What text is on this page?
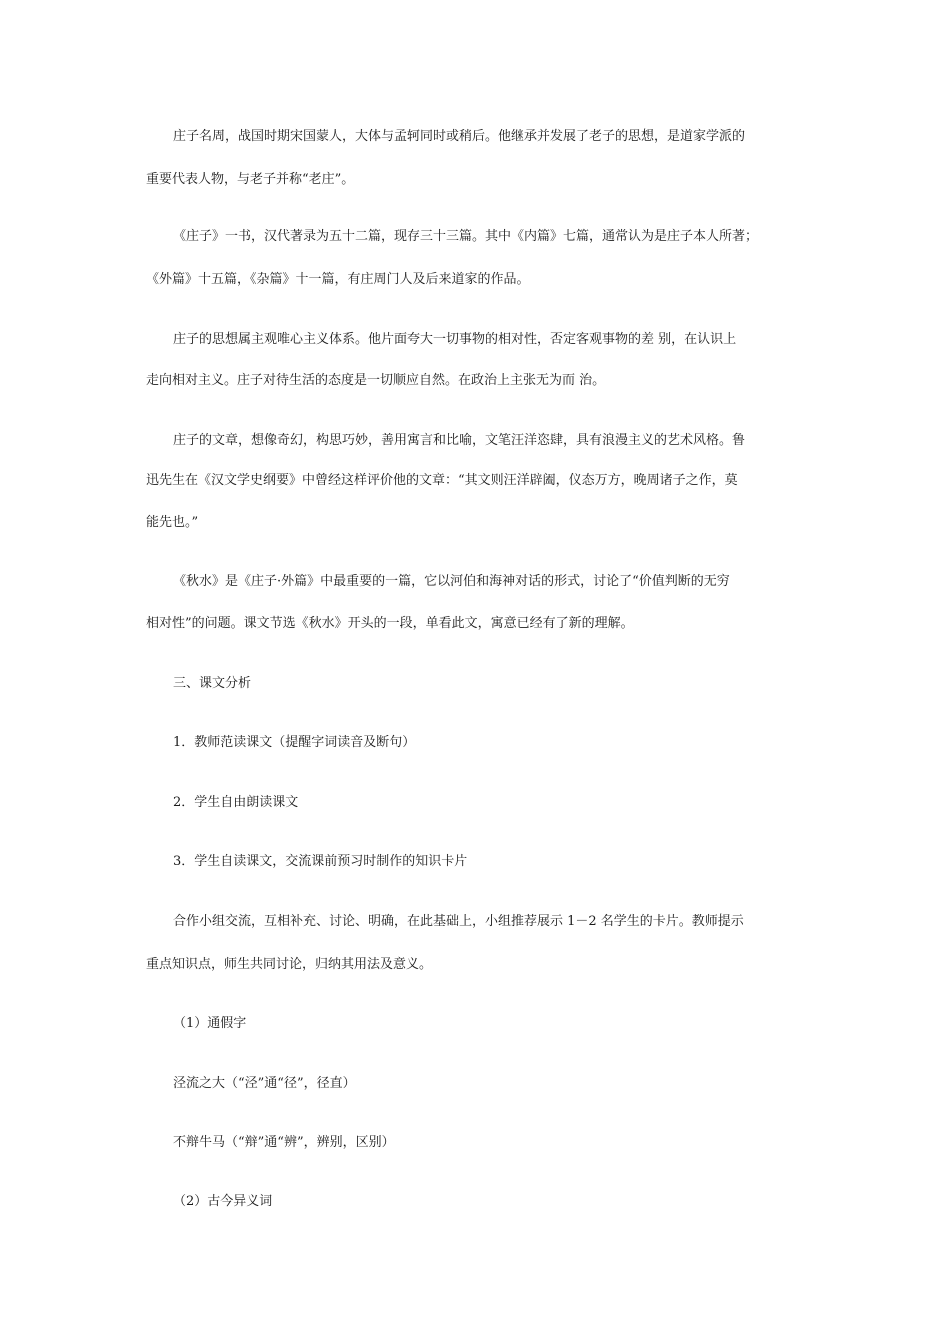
庄子名周，战国时期宋国蒙人，大体与孟轲同时或稍后。他继承并发展了老子的思想，是道家学派的
重要代表人物，与老子并称“老庄”。
《庄子》一书，汉代著录为五十二篇，现存三十三篇。其中《内篇》七篇，通常认为是庄子本人所著；
《外篇》十五篇，《杂篇》十一篇，有庄周门人及后来道家的作品。
庄子的思想属主观唯心主义体系。他片面夸大一切事物的相对性，否定客观事物的差 别，在认识上
走向相对主义。庄子对待生活的态度是一切顺应自然。在政治上主张无为而 治。
庄子的文章，想像奇幻，构思巧妙，善用寓言和比喻，文笔汪洋恣肆，具有浪漫主义的艺术风格。鲁
迅先生在《汉文学史纲要》中曾经这样评价他的文章：“其文则汪洋辟阖，仪态万方，晚周诸子之作，莫
能先也。”
《秋水》是《庄子·外篇》中最重要的一篇，它以河伯和海神对话的形式，讨论了“价值判断的无穷
相对性”的问题。课文节选《秋水》开头的一段，单看此文，寓意已经有了新的理解。
三、课文分析
1．教师范读课文（提醒字词读音及断句）
2．学生自由朗读课文
3．学生自读课文，交流课前预习时制作的知识卡片
合作小组交流，互相补充、讨论、明确，在此基础上，小组推荐展示 1－2 名学生的卡片。教师提示
重点知识点，师生共同讨论，归纳其用法及意义。
（1）通假字
泾流之大（“泾”通“径”，径直）
不辩牛马（“辩”通“辨”，辨别，区别）
（2）古今异义词
